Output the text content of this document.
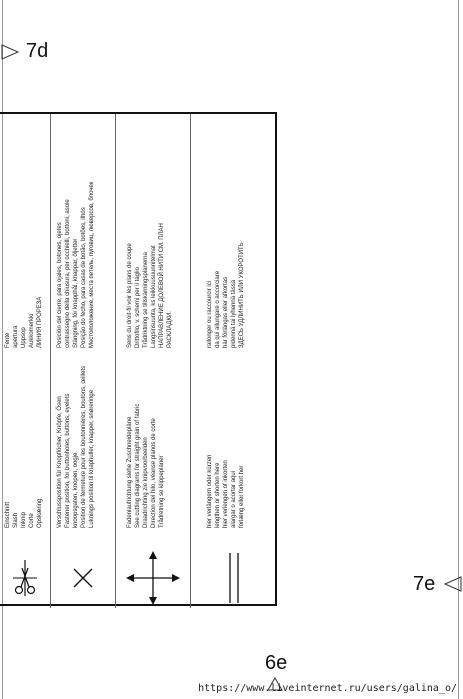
7d
7e
6e
Einschnitt Slash Inknip Corte Opskæring
Fente apertura Uppsop Aukkomerkki ЛИНИЯ ПРОРЕЗА
Verschlussposition für Knopflöcher, Knöpfe, Ösen Fastener position, for buttonholes, buttons, eyelets knoopsgaten, knopen, oogje Position de fermeture pour les boutonnières, boutons, œillets Luknings position til knaphuller, knapper, snøreringe
Posición del cierre, para ojales, botones, ojetes contrassegno della chiusura, per occhielli, bottoni, asole Stängning, för knapphål, knappar, öljetter Posição do fecho, para casas de botão, botões, ilhós Местоположение, места петель, пуговиц, люверсов, блочек
Fadenlaufrichtung siehe Zuschneidepläne See cutting diagrams for straight grain of fabric Draadrichting zie knipvoorbeelden Direction del hilo, véanse planos de corte Trådretning se klippeplaner
Sens du droit-fil voir les plans de coupe Drittofilo, v. schemi per il taglio Trådriktning se tillskärningsplanerna Langsinsuunta, ks leikkuusuunnitelmat НАПРАВЛЕНИЕ ДОЛЕВОЙ НИТИ СМ. ПЛАН РАСКЛАДКИ.
hier verlängern oder kürzen lengthen or shorten here hier verlengen of inkorten alargar o acortar aquí forlæng eller forkort her
rallonger ou raccourcir ici da qui allungare o accorciare här förlängas eller afkortas pidennä tai lyhennä tässä ЗДЕСЬ УДЛИНИТЬ ИЛИ УКОРОТИТЬ
https://www.liveinternet.ru/users/galina_o/
